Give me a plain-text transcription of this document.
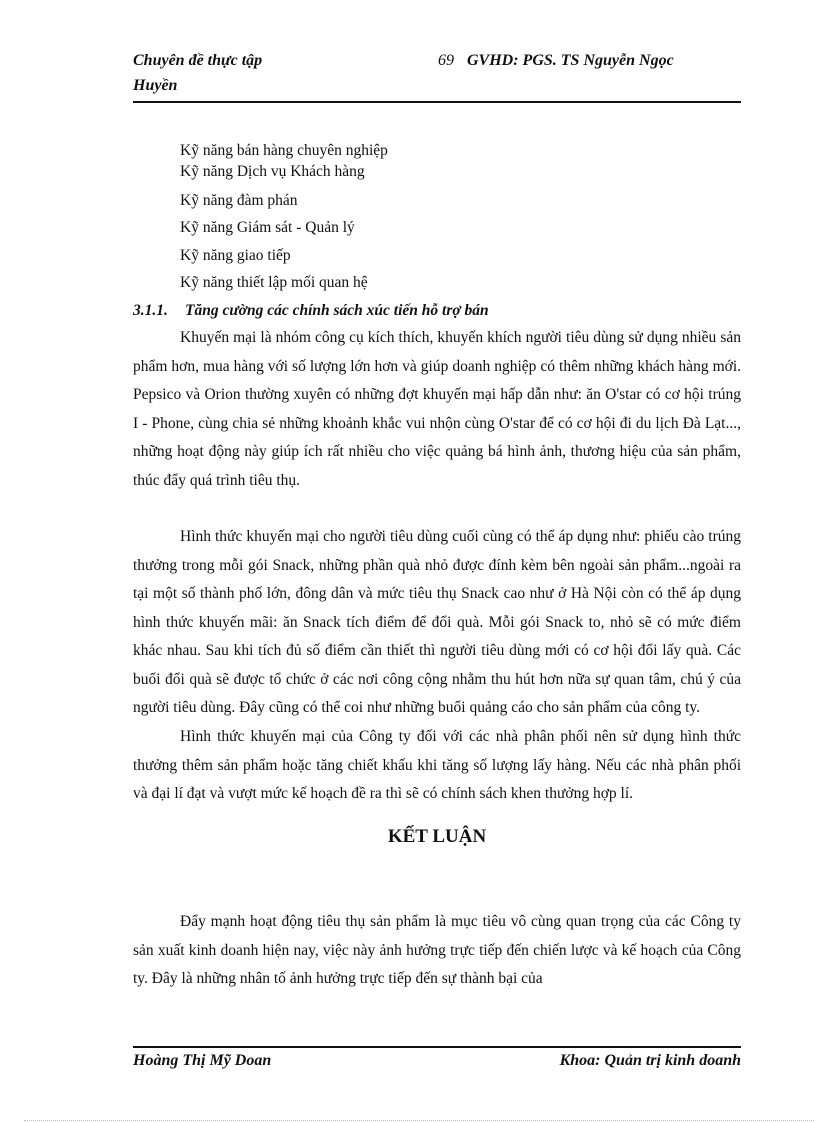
Chuyên đề thực tập
Huyền
69 GVHD: PGS. TS Nguyễn Ngọc
Kỹ năng bán hàng chuyên nghiệp
Kỹ năng Dịch vụ Khách hàng
Kỹ năng đàm phán
Kỹ năng Giám sát - Quản lý
Kỹ năng giao tiếp
Kỹ năng thiết lập mối quan hệ
3.1.1. Tăng cường các chính sách xúc tiến hỗ trợ bán

Khuyến mại là nhóm công cụ kích thích, khuyến khích người tiêu dùng sử dụng nhiều sản phẩm hơn, mua hàng với số lượng lớn hơn và giúp doanh nghiệp có thêm những khách hàng mới. Pepsico và Orion thường xuyên có những đợt khuyến mại hấp dẫn như: ăn O'star có cơ hội trúng I - Phone, cùng chia sẻ những khoảnh khắc vui nhộn cùng O'star để có cơ hội đi du lịch Đà Lạt..., những hoạt động này giúp ích rất nhiều cho việc quảng bá hình ảnh, thương hiệu của sản phẩm, thúc đẩy quá trình tiêu thụ.

Hình thức khuyến mại cho người tiêu dùng cuối cùng có thể áp dụng như: phiếu cào trúng thưởng trong mỗi gói Snack, những phần quà nhỏ được đính kèm bên ngoài sản phẩm...ngoài ra tại một số thành phố lớn, đông dân và mức tiêu thụ Snack cao như ở Hà Nội còn có thể áp dụng hình thức khuyến mãi: ăn Snack tích điểm để đổi quà. Mỗi gói Snack to, nhỏ sẽ có mức điểm khác nhau. Sau khi tích đủ số điểm cần thiết thì người tiêu dùng mới có cơ hội đổi lấy quà. Các buổi đổi quà sẽ được tổ chức ở các nơi công cộng nhằm thu hút hơn nữa sự quan tâm, chú ý của người tiêu dùng. Đây cũng có thể coi như những buổi quảng cáo cho sản phẩm của công ty.

Hình thức khuyến mại của Công ty đối với các nhà phân phối nên sử dụng hình thức thưởng thêm sản phẩm hoặc tăng chiết khấu khi tăng số lượng lấy hàng. Nếu các nhà phân phối và đại lí đạt và vượt mức kế hoạch đề ra thì sẽ có chính sách khen thưởng hợp lí.

KẾT LUẬN

Đẩy mạnh hoạt động tiêu thụ sản phẩm là mục tiêu vô cùng quan trọng của các Công ty sản xuất kinh doanh hiện nay, việc này ảnh hưởng trực tiếp đến chiến lược và kế hoạch của Công ty. Đây là những nhân tố ảnh hưởng trực tiếp đến sự thành bại của

Hoàng Thị Mỹ Doan	Khoa: Quản trị kinh doanh
